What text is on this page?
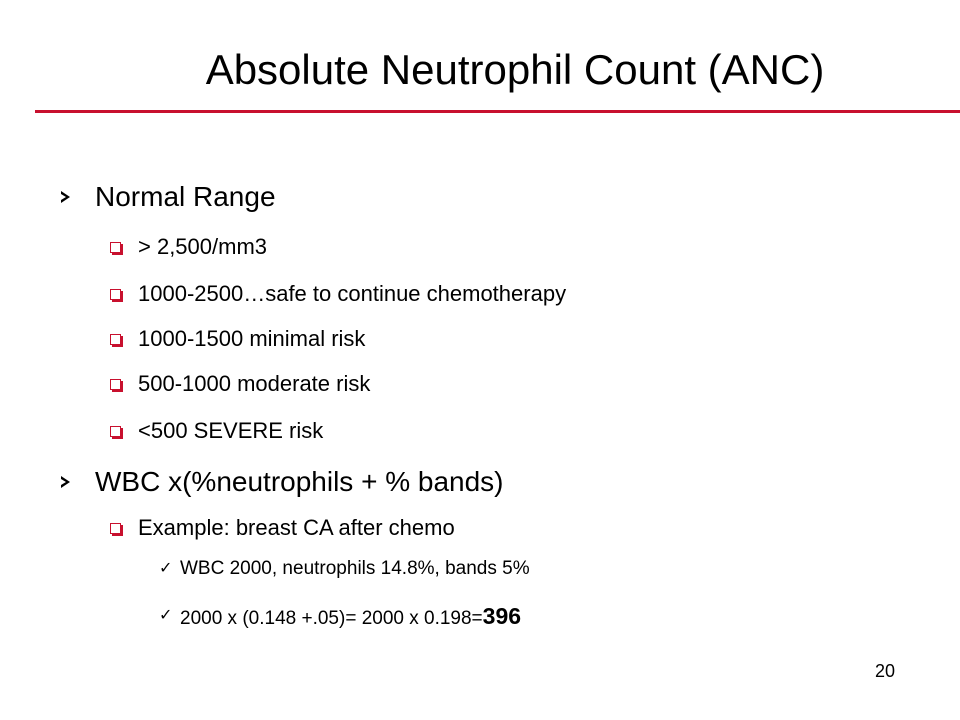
Absolute Neutrophil Count (ANC)
Normal Range
> 2,500/mm3
1000-2500…safe to continue chemotherapy
1000-1500 minimal risk
500-1000 moderate risk
<500 SEVERE risk
WBC x(%neutrophils + % bands)
Example: breast CA after chemo
✓ WBC 2000, neutrophils 14.8%, bands 5%
✓ 2000 x (0.148 +.05)= 2000 x 0.198=396
20
